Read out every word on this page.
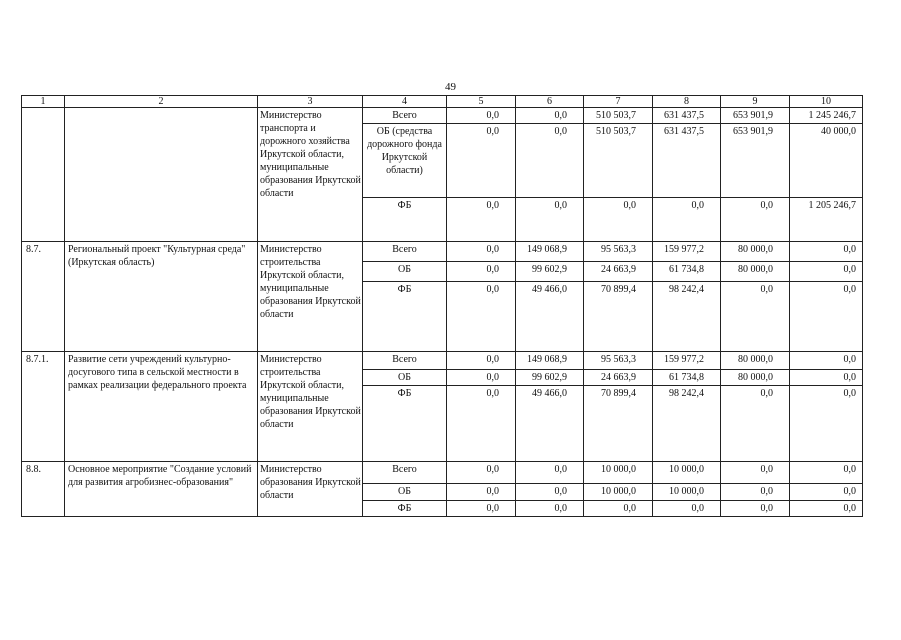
49
1	2	3	4	5	6	7	8	9	10
		Министерство транспорта и дорожного хозяйства Иркутской области, муниципальные образования Иркутской области	Всего	0,0	0,0	510 503,7	631 437,5	653 901,9	1 245 246,7
			ОБ (средства дорожного фонда Иркутской области)	0,0	0,0	510 503,7	631 437,5	653 901,9	40 000,0
			ФБ	0,0	0,0	0,0	0,0	0,0	1 205 246,7
8.7.	Региональный проект "Культурная среда" (Иркутская область)	Министерство строительства Иркутской области, муниципальные образования Иркутской области	Всего	0,0	149 068,9	95 563,3	159 977,2	80 000,0	0,0
			ОБ	0,0	99 602,9	24 663,9	61 734,8	80 000,0	0,0
			ФБ	0,0	49 466,0	70 899,4	98 242,4	0,0	0,0
8.7.1.	Развитие сети учреждений культурно-досугового типа в сельской местности в рамках реализации федерального проекта	Министерство строительства Иркутской области, муниципальные образования Иркутской области	Всего	0,0	149 068,9	95 563,3	159 977,2	80 000,0	0,0
			ОБ	0,0	99 602,9	24 663,9	61 734,8	80 000,0	0,0
			ФБ	0,0	49 466,0	70 899,4	98 242,4	0,0	0,0
8.8.	Основное мероприятие "Создание условий для развития агробизнес-образования"	Министерство образования Иркутской области	Всего	0,0	0,0	10 000,0	10 000,0	0,0	0,0
			ОБ	0,0	0,0	10 000,0	10 000,0	0,0	0,0
			ФБ	0,0	0,0	0,0	0,0	0,0	0,0
